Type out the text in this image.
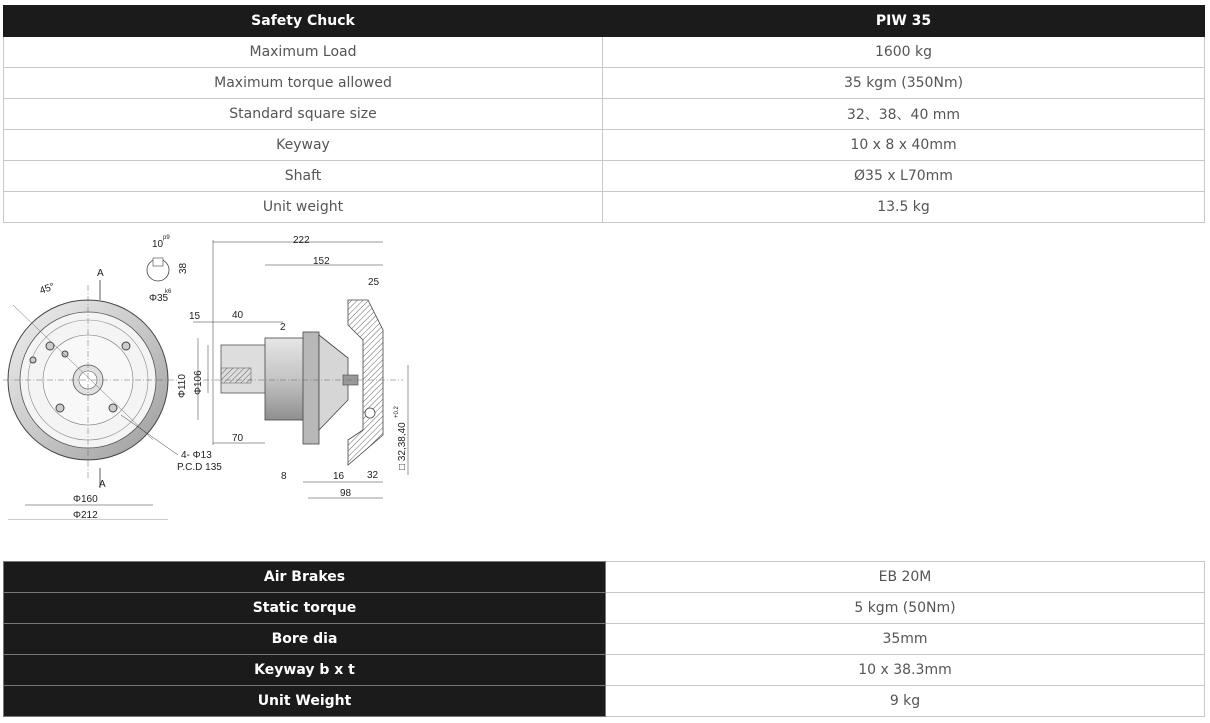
Safety Chuck	PIW 35
Maximum Load	1600 kg
Maximum torque allowed	35 kgm (350Nm)
Standard square size	32、38、40 mm
Keyway	10 x 8 x 40mm
Shaft	Ø35 x L70mm
Unit weight	13.5 kg
A
45°
A
Φ160
Φ212
4- Φ13
P.C.D 135
10
p9
38
k6
Φ35
222
152
25
15	40
2
Φ110 Φ106
70
8	16 32
98
□ 32,38,40
+0.2
Air Brakes	EB 20M
Static torque	5 kgm (50Nm)
Bore dia	35mm
Keyway b x t	10 x 38.3mm
Unit Weight	9 kg
